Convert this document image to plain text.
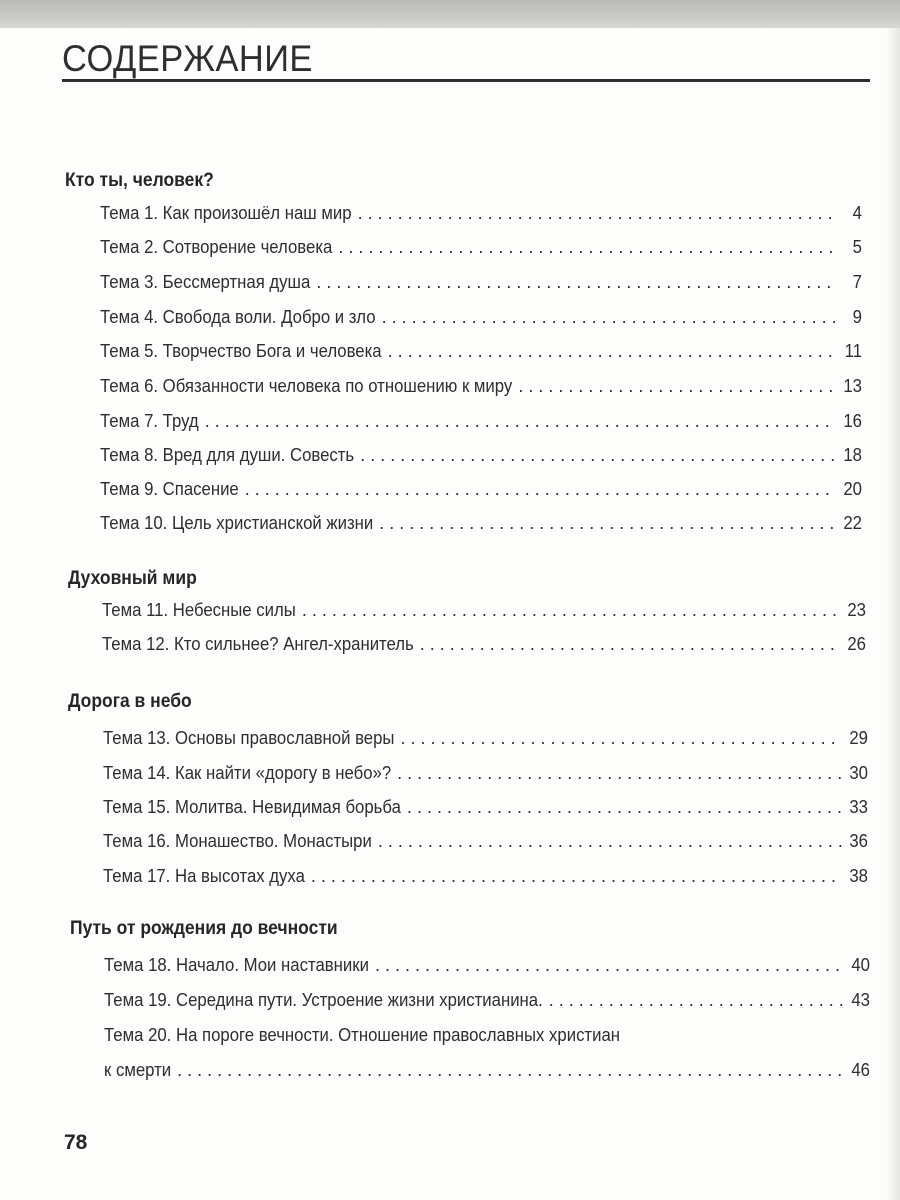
СОДЕРЖАНИЕ
Кто ты, человек?
Тема 1. Как произошёл наш мир . . .	4
Тема 2. Сотворение человека . . .	5
Тема 3. Бессмертная душа . . .	7
Тема 4. Свобода воли. Добро и зло . . .	9
Тема 5. Творчество Бога и человека . . .	11
Тема 6. Обязанности человека по отношению к миру . . .	13
Тема 7. Труд . . .	16
Тема 8. Вред для души. Совесть . . .	18
Тема 9. Спасение . . .	20
Тема 10. Цель христианской жизни . . .	22
Духовный мир
Тема 11. Небесные силы . . .	23
Тема 12. Кто сильнее? Ангел-хранитель . . .	26
Дорога в небо
Тема 13. Основы православной веры . . .	29
Тема 14. Как найти «дорогу в небо»? . . .	30
Тема 15. Молитва. Невидимая борьба . . .	33
Тема 16. Монашество. Монастыри . . .	36
Тема 17. На высотах духа . . .	38
Путь от рождения до вечности
Тема 18. Начало. Мои наставники . . .	40
Тема 19. Середина пути. Устроение жизни христианина. . . .	43
Тема 20. На пороге вечности. Отношение православных христиан
к смерти . . .	46
78
